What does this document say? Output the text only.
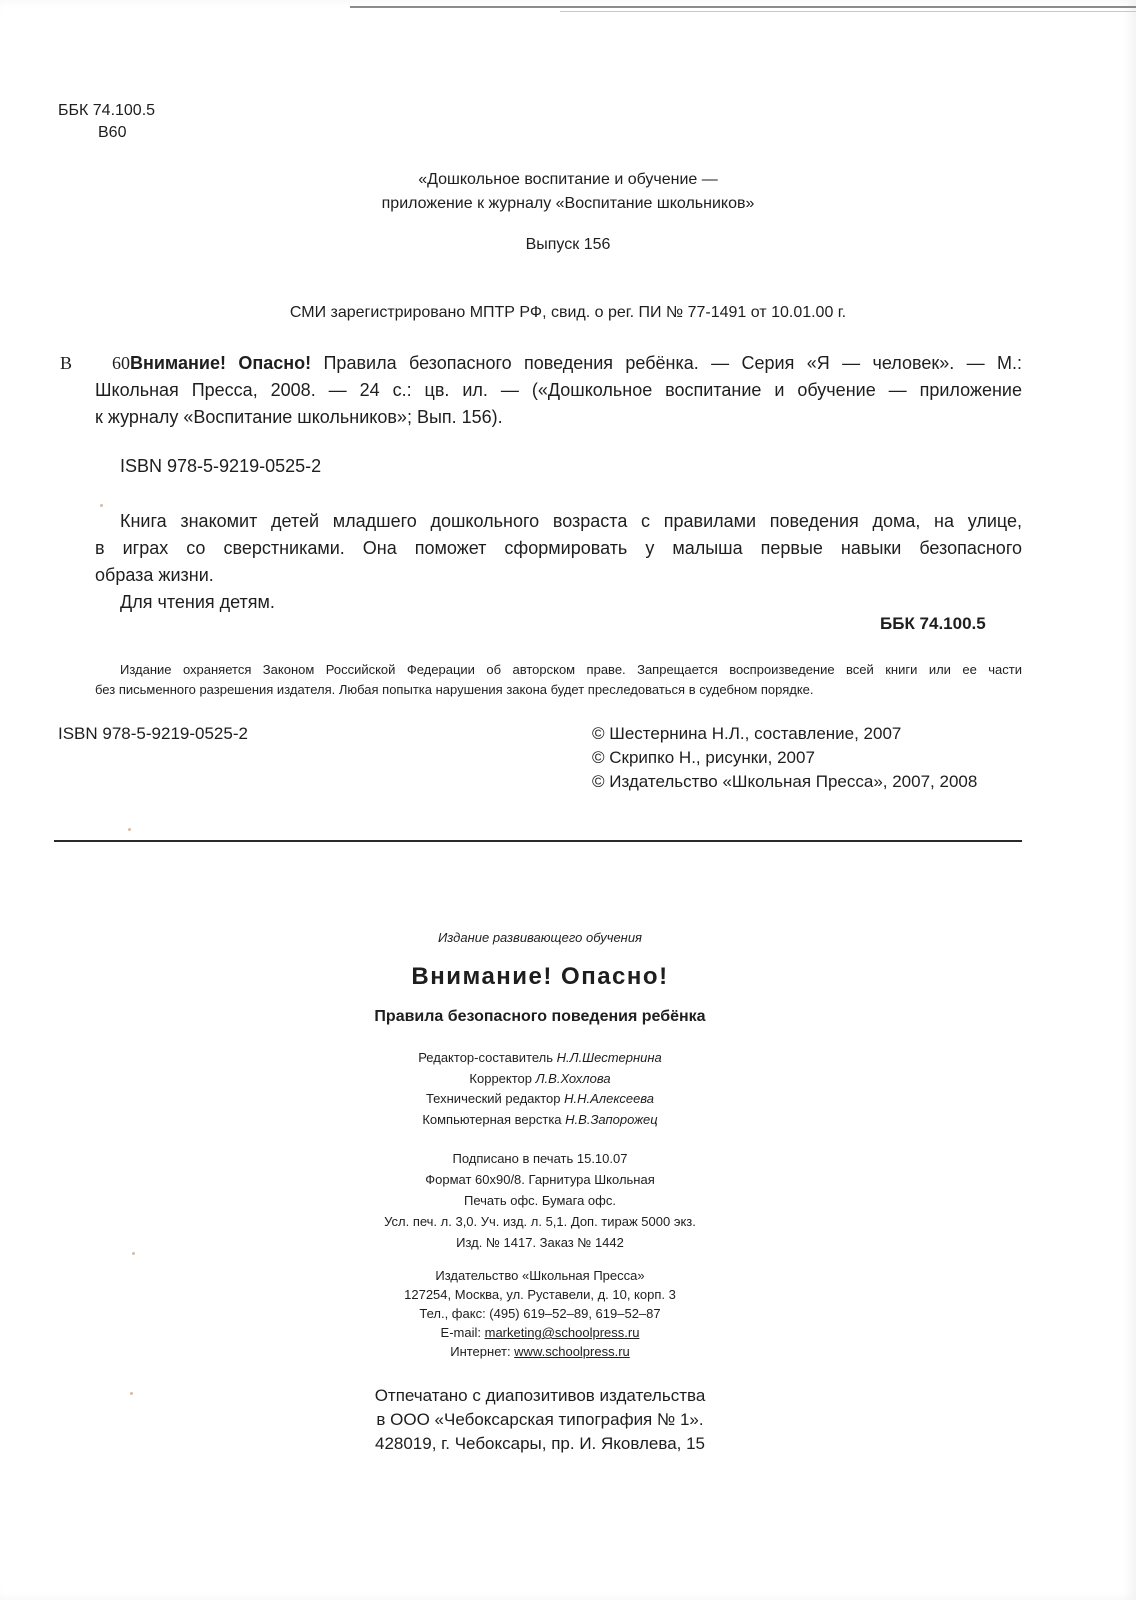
ББК 74.100.5
В60
«Дошкольное воспитание и обучение —
приложение к журналу «Воспитание школьников»
Выпуск 156
СМИ зарегистрировано МПТР РФ, свид. о рег. ПИ № 77-1491 от 10.01.00 г.
В 60Внимание! Опасно! Правила безопасного поведения ребёнка. — Серия «Я — человек». — М.:
Школьная Пресса, 2008. — 24 с.: цв. ил. — («Дошкольное воспитание и обучение — приложение
к журналу «Воспитание школьников»; Вып. 156).
ISBN 978-5-9219-0525-2
Книга знакомит детей младшего дошкольного возраста с правилами поведения дома, на улице,
в играх со сверстниками. Она поможет сформировать у малыша первые навыки безопасного
образа жизни.
Для чтения детям.
ББК 74.100.5
Издание охраняется Законом Российской Федерации об авторском праве. Запрещается воспроизведение всей книги или ее части
без письменного разрешения издателя. Любая попытка нарушения закона будет преследоваться в судебном порядке.
ISBN 978-5-9219-0525-2	© Шестернина Н.Л., составление, 2007
© Скрипко Н., рисунки, 2007
© Издательство «Школьная Пресса», 2007, 2008
Издание развивающего обучения
Внимание! Опасно!
Правила безопасного поведения ребёнка
Редактор-составитель Н.Л.Шестернина
Корректор Л.В.Хохлова
Технический редактор Н.Н.Алексеева
Компьютерная верстка Н.В.Запорожец
Подписано в печать 15.10.07
Формат 60х90/8. Гарнитура Школьная
Печать офс. Бумага офс.
Усл. печ. л. 3,0. Уч. изд. л. 5,1. Доп. тираж 5000 экз.
Изд. № 1417. Заказ № 1442
Издательство «Школьная Пресса»
127254, Москва, ул. Руставели, д. 10, корп. 3
Тел., факс: (495) 619–52–89, 619–52–87
E-mail: marketing@schoolpress.ru
Интернет: www.schoolpress.ru
Отпечатано с диапозитивов издательства
в ООО «Чебоксарская типография № 1».
428019, г. Чебоксары, пр. И. Яковлева, 15
